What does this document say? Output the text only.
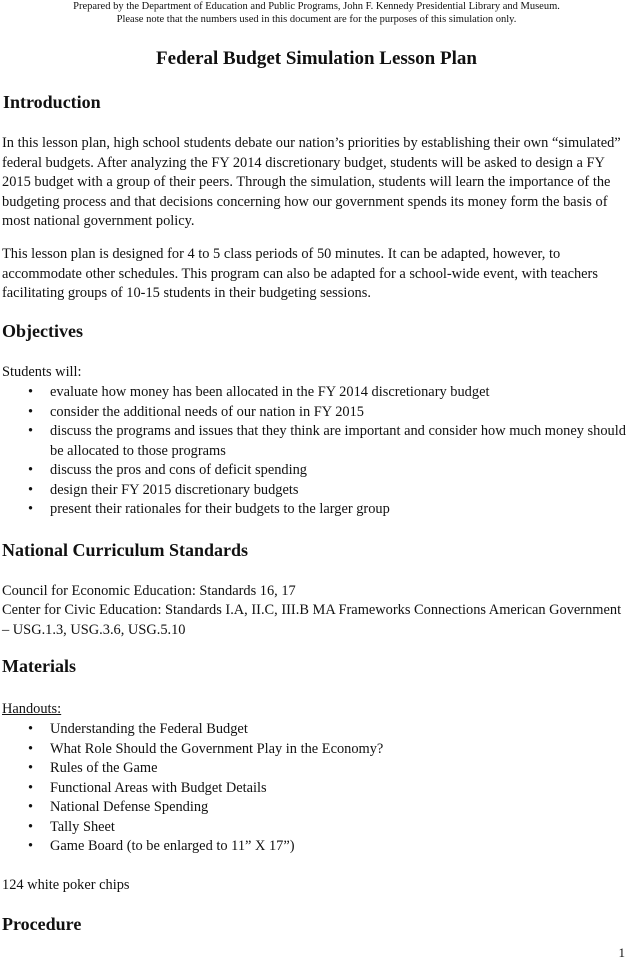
Prepared by the Department of Education and Public Programs, John F. Kennedy Presidential Library and Museum.
Please note that the numbers used in this document are for the purposes of this simulation only.
Federal Budget Simulation Lesson Plan
Introduction

In this lesson plan, high school students debate our nation’s priorities by establishing their own “simulated” federal budgets. After analyzing the FY 2014 discretionary budget, students will be asked to design a FY 2015 budget with a group of their peers. Through the simulation, students will learn the importance of the budgeting process and that decisions concerning how our government spends its money form the basis of most national government policy.

This lesson plan is designed for 4 to 5 class periods of 50 minutes. It can be adapted, however, to accommodate other schedules. This program can also be adapted for a school-wide event, with teachers facilitating groups of 10-15 students in their budgeting sessions.

Objectives
Students will:
• evaluate how money has been allocated in the FY 2014 discretionary budget
• consider the additional needs of our nation in FY 2015
• discuss the programs and issues that they think are important and consider how much money should be allocated to those programs
• discuss the pros and cons of deficit spending
• design their FY 2015 discretionary budgets
• present their rationales for their budgets to the larger group
National Curriculum Standards
Council for Economic Education: Standards 16, 17

Center for Civic Education: Standards I.A, II.C, III.B MA Frameworks Connections American Government – USG.1.3, USG.3.6, USG.5.10

Materials
Handouts:
• Understanding the Federal Budget
• What Role Should the Government Play in the Economy?
• Rules of the Game
• Functional Areas with Budget Details
• National Defense Spending
• Tally Sheet
• Game Board (to be enlarged to 11” X 17”)
124 white poker chips
Procedure
1
